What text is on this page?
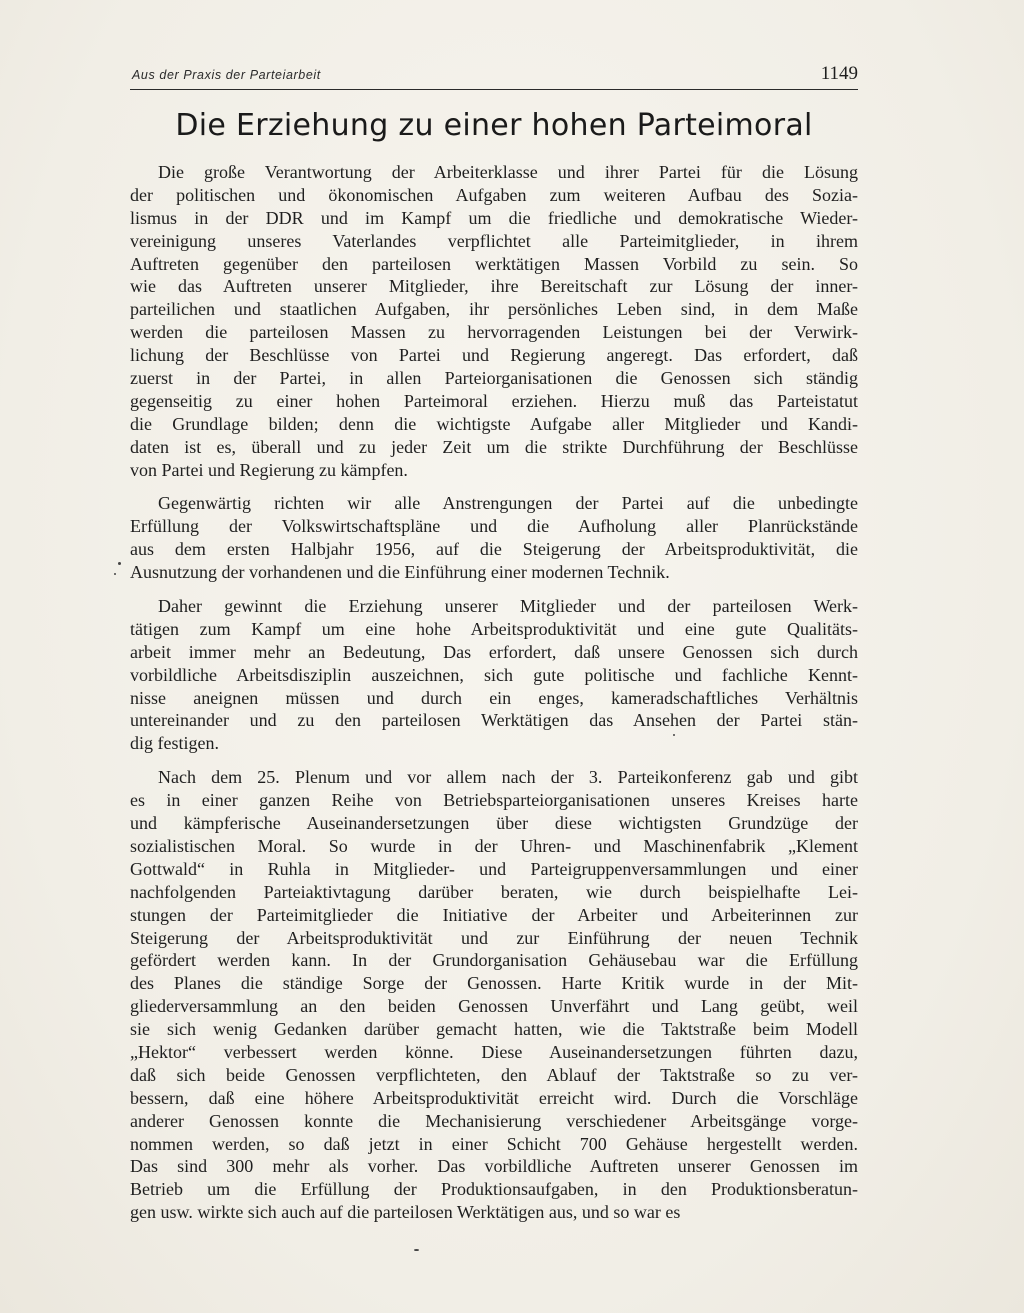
Aus der Praxis der Parteiarbeit	1149
Die Erziehung zu einer hohen Parteimoral

Die große Verantwortung der Arbeiterklasse und ihrer Partei für die Lösung
der politischen und ökonomischen Aufgaben zum weiteren Aufbau des Sozia-
lismus in der DDR und im Kampf um die friedliche und demokratische Wieder-
vereinigung unseres Vaterlandes verpflichtet alle Parteimitglieder, in ihrem
Auftreten gegenüber den parteilosen werktätigen Massen Vorbild zu sein. So
wie das Auftreten unserer Mitglieder, ihre Bereitschaft zur Lösung der inner-
parteilichen und staatlichen Aufgaben, ihr persönliches Leben sind, in dem Maße
werden die parteilosen Massen zu hervorragenden Leistungen bei der Verwirk-
lichung der Beschlüsse von Partei und Regierung angeregt. Das erfordert, daß
zuerst in der Partei, in allen Parteiorganisationen die Genossen sich ständig
gegenseitig zu einer hohen Parteimoral erziehen. Hierzu muß das Parteistatut
die Grundlage bilden; denn die wichtigste Aufgabe aller Mitglieder und Kandi-
daten ist es, überall und zu jeder Zeit um die strikte Durchführung der Beschlüsse
von Partei und Regierung zu kämpfen.

Gegenwärtig richten wir alle Anstrengungen der Partei auf die unbedingte
Erfüllung der Volkswirtschaftspläne und die Aufholung aller Planrückstände
aus dem ersten Halbjahr 1956, auf die Steigerung der Arbeitsproduktivität, die
Ausnutzung der vorhandenen und die Einführung einer modernen Technik.

Daher gewinnt die Erziehung unserer Mitglieder und der parteilosen Werk-
tätigen zum Kampf um eine hohe Arbeitsproduktivität und eine gute Qualitäts-
arbeit immer mehr an Bedeutung, Das erfordert, daß unsere Genossen sich durch
vorbildliche Arbeitsdisziplin auszeichnen, sich gute politische und fachliche Kennt-
nisse aneignen müssen und durch ein enges, kameradschaftliches Verhältnis
untereinander und zu den parteilosen Werktätigen das Ansehen der Partei stän-
dig festigen.

Nach dem 25. Plenum und vor allem nach der 3. Parteikonferenz gab und gibt
es in einer ganzen Reihe von Betriebsparteiorganisationen unseres Kreises harte
und kämpferische Auseinandersetzungen über diese wichtigsten Grundzüge der
sozialistischen Moral. So wurde in der Uhren- und Maschinenfabrik „Klement
Gottwald“ in Ruhla in Mitglieder- und Parteigruppenversammlungen und einer
nachfolgenden Parteiaktivtagung darüber beraten, wie durch beispielhafte Lei-
stungen der Parteimitglieder die Initiative der Arbeiter und Arbeiterinnen zur
Steigerung der Arbeitsproduktivität und zur Einführung der neuen Technik
gefördert werden kann. In der Grundorganisation Gehäusebau war die Erfüllung
des Planes die ständige Sorge der Genossen. Harte Kritik wurde in der Mit-
gliederversammlung an den beiden Genossen Unverfährt und Lang geübt, weil
sie sich wenig Gedanken darüber gemacht hatten, wie die Taktstraße beim Modell
„Hektor“ verbessert werden könne. Diese Auseinandersetzungen führten dazu,
daß sich beide Genossen verpflichteten, den Ablauf der Taktstraße so zu ver-
bessern, daß eine höhere Arbeitsproduktivität erreicht wird. Durch die Vorschläge
anderer Genossen konnte die Mechanisierung verschiedener Arbeitsgänge vorge-
nommen werden, so daß jetzt in einer Schicht 700 Gehäuse hergestellt werden.
Das sind 300 mehr als vorher. Das vorbildliche Auftreten unserer Genossen im
Betrieb um die Erfüllung der Produktionsaufgaben, in den Produktionsberatun-
gen usw. wirkte sich auch auf die parteilosen Werktätigen aus, und so war es
